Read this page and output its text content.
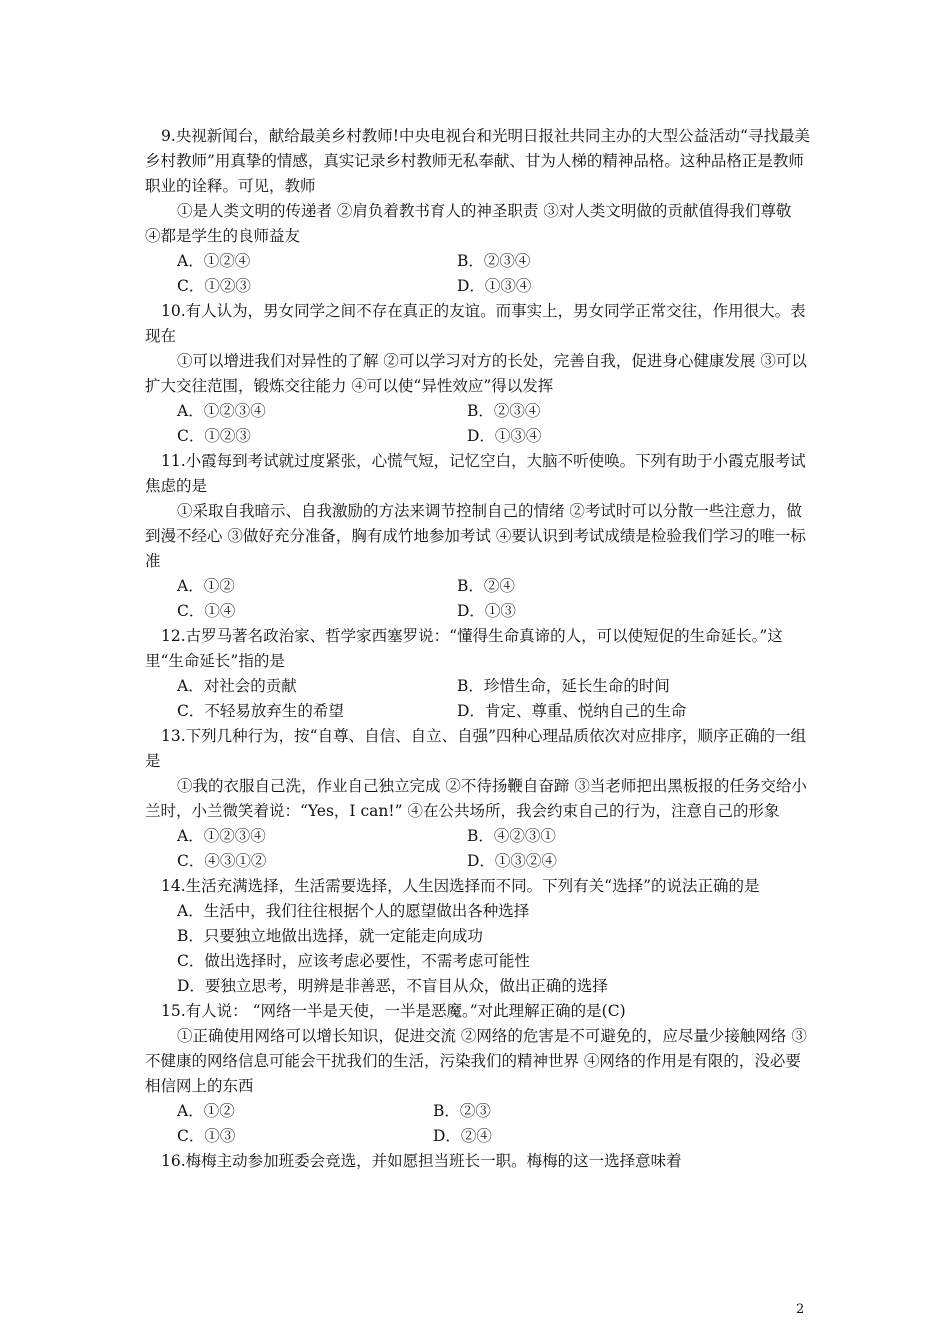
9.央视新闻台，献给最美乡村教师!中央电视台和光明日报社共同主办的大型公益活动“寻找最美乡村教师”用真挚的情感，真实记录乡村教师无私奉献、甘为人梯的精神品格。这种品格正是教师职业的诠释。可见，教师
①是人类文明的传递者 ②肩负着教书育人的神圣职责 ③对人类文明做的贡献值得我们尊敬 ④都是学生的良师益友
A．①②④	B．②③④
C．①②③	D．①③④
10.有人认为，男女同学之间不存在真正的友谊。而事实上，男女同学正常交往，作用很大。表现在
①可以增进我们对异性的了解 ②可以学习对方的长处，完善自我，促进身心健康发展 ③可以扩大交往范围，锻炼交往能力 ④可以使“异性效应”得以发挥
A．①②③④	B．②③④
C．①②③	D．①③④
11.小霞每到考试就过度紧张，心慌气短，记忆空白，大脑不听使唤。下列有助于小霞克服考试焦虑的是
①采取自我暗示、自我激励的方法来调节控制自己的情绪 ②考试时可以分散一些注意力，做到漫不经心 ③做好充分准备，胸有成竹地参加考试 ④要认识到考试成绩是检验我们学习的唯一标准
A．①②	B．②④
C．①④	D．①③
12.古罗马著名政治家、哲学家西塞罗说：“懂得生命真谛的人，可以使短促的生命延长。”这里“生命延长”指的是
A．对社会的贡献	B．珍惜生命，延长生命的时间
C．不轻易放弃生的希望	D．肯定、尊重、悦纳自己的生命
13.下列几种行为，按“自尊、自信、自立、自强”四种心理品质依次对应排序，顺序正确的一组是
①我的衣服自己洗，作业自己独立完成 ②不待扬鞭自奋蹄 ③当老师把出黑板报的任务交给小兰时，小兰微笑着说：“Yes，I can!” ④在公共场所，我会约束自己的行为，注意自己的形象
A．①②③④	B．④②③①
C．④③①②	D．①③②④
14.生活充满选择，生活需要选择，人生因选择而不同。下列有关“选择”的说法正确的是
A．生活中，我们往往根据个人的愿望做出各种选择
B．只要独立地做出选择，就一定能走向成功
C．做出选择时，应该考虑必要性，不需考虑可能性
D．要独立思考，明辨是非善恶，不盲目从众，做出正确的选择
15.有人说： “网络一半是天使，一半是恶魔。”对此理解正确的是(C)
①正确使用网络可以增长知识，促进交流 ②网络的危害是不可避免的，应尽量少接触网络 ③不健康的网络信息可能会干扰我们的生活，污染我们的精神世界 ④网络的作用是有限的，没必要相信网上的东西
A．①②	B．②③
C．①③	D．②④
16.梅梅主动参加班委会竞选，并如愿担当班长一职。梅梅的这一选择意味着
2
